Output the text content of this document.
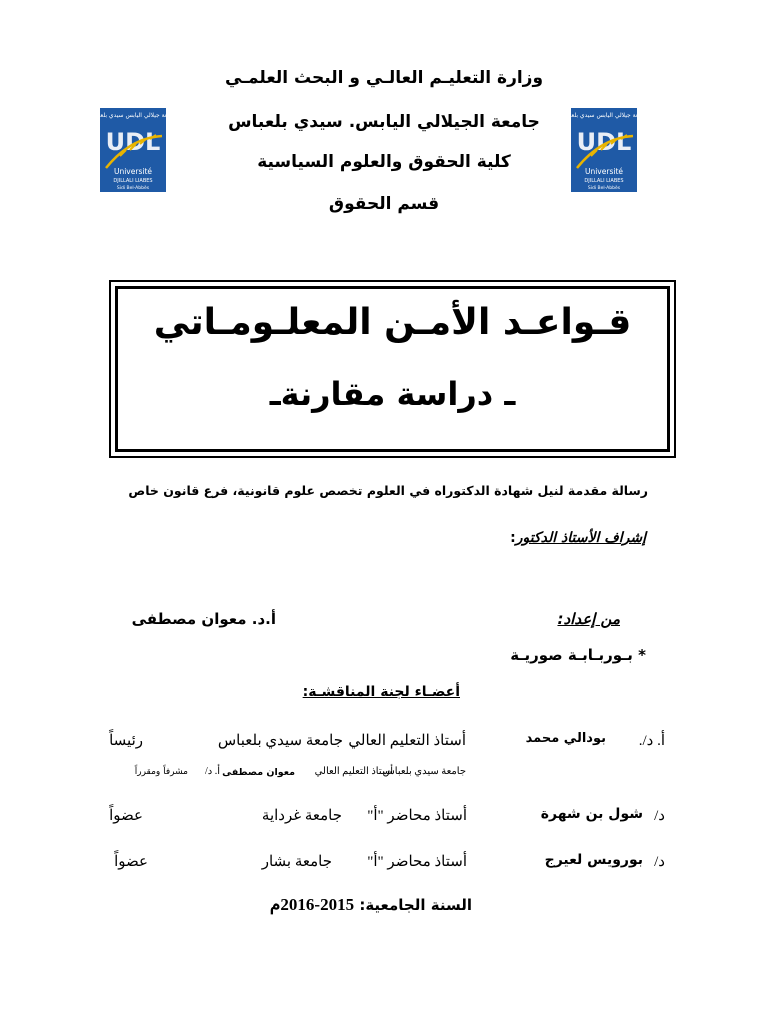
وزارة التعليـم العالـي و البحث العلمـي
جامعة الجيلالي اليابس. سيدي بلعباس
كلية الحقوق والعلوم السياسية
قسم الحقوق
جامعة جيلالي اليابس سيدي بلعباس
UDL
Université
DJILLALI LIABES
Sidi Bel-Abbès
جامعة جيلالي اليابس سيدي بلعباس
UDL
Université
DJILLALI LIABES
Sidi Bel-Abbès
قـواعـد الأمـن المعلـومـاتي
ـ دراسة مقارنةـ
رسالة مقدمة لنيل شهادة الدكتوراه في العلوم تخصص علوم قانونية، فرع قانون خاص
إشراف الأستاذ الدكتور:
من إعداد:
أ.د. معوان مصطفى
* بـوربـابـة صوريـة
أعضـاء لجنة المناقشـة:
أ. د/.
بودالي محمد
أستاذ التعليم العالي
جامعة سيدي بلعباس
رئيساً
مشرفاً ومقرراً أ. د/ معوان مصطفى أستاذ التعليم العالي
جامعة سيدي بلعباس
د/
شول بن شهرة
أستاذ محاضر "أ"
جامعة غرداية
عضواً
د/
بورويس لعيرج
أستاذ محاضر "أ"
جامعة بشار
عضواً
السنة الجامعية: 2015-2016م
